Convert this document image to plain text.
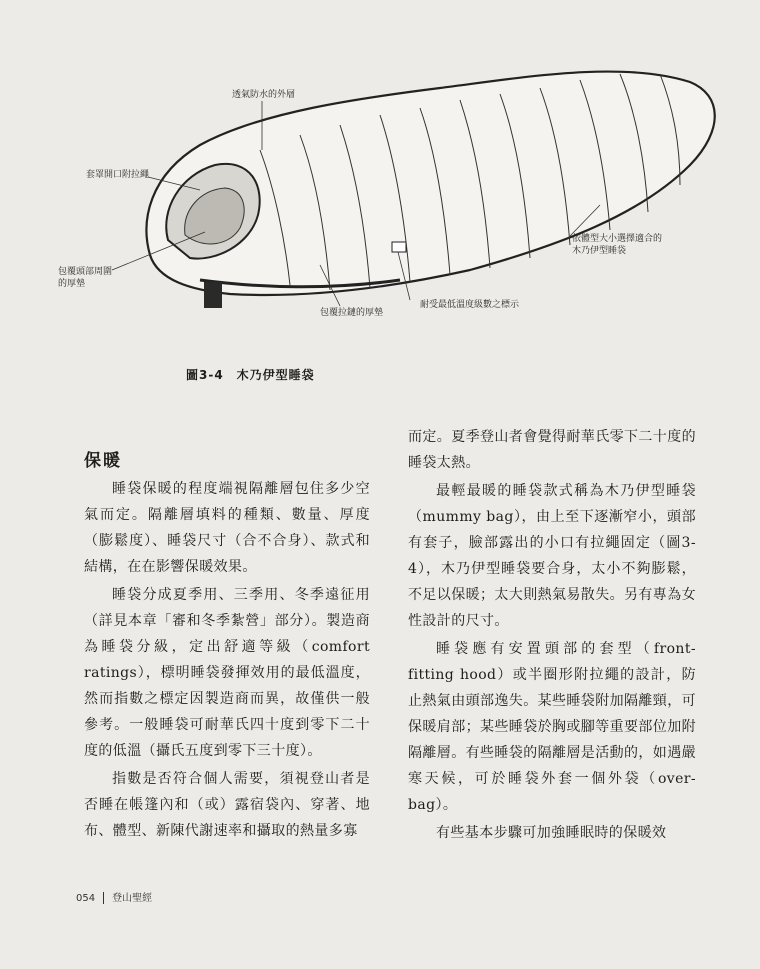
透氣防水的外層
套罩開口附拉繩
包覆頭部周圍
的厚墊
包覆拉鏈的厚墊
耐受最低溫度級數之標示
依體型大小選擇適合的
木乃伊型睡袋
圖3-4　木乃伊型睡袋
保暖

睡袋保暖的程度端視隔離層包住多少空氣而定。隔離層填料的種類、數量、厚度（膨鬆度）、睡袋尺寸（合不合身）、款式和結構，在在影響保暖效果。

睡袋分成夏季用、三季用、冬季遠征用（詳見本章「審和冬季紮營」部分）。製造商為睡袋分級，定出舒適等級（comfort ratings），標明睡袋發揮效用的最低溫度，然而指數之標定因製造商而異，故僅供一般參考。一般睡袋可耐華氏四十度到零下二十度的低溫（攝氏五度到零下三十度）。

指數是否符合個人需要，須視登山者是否睡在帳篷內和（或）露宿袋內、穿著、地布、體型、新陳代謝速率和攝取的熱量多寡

而定。夏季登山者會覺得耐華氏零下二十度的睡袋太熱。

最輕最暖的睡袋款式稱為木乃伊型睡袋（mummy bag），由上至下逐漸窄小，頭部有套子，臉部露出的小口有拉繩固定（圖3-4），木乃伊型睡袋要合身，太小不夠膨鬆，不足以保暖；太大則熱氣易散失。另有專為女性設計的尺寸。

睡袋應有安置頭部的套型（front-fitting hood）或半圈形附拉繩的設計，防止熱氣由頭部逸失。某些睡袋附加隔離頸，可保暖肩部；某些睡袋於胸或腳等重要部位加附隔離層。有些睡袋的隔離層是活動的，如遇嚴寒天候，可於睡袋外套一個外袋（over-bag）。

有些基本步驟可加強睡眠時的保暖效

054 登山聖經
